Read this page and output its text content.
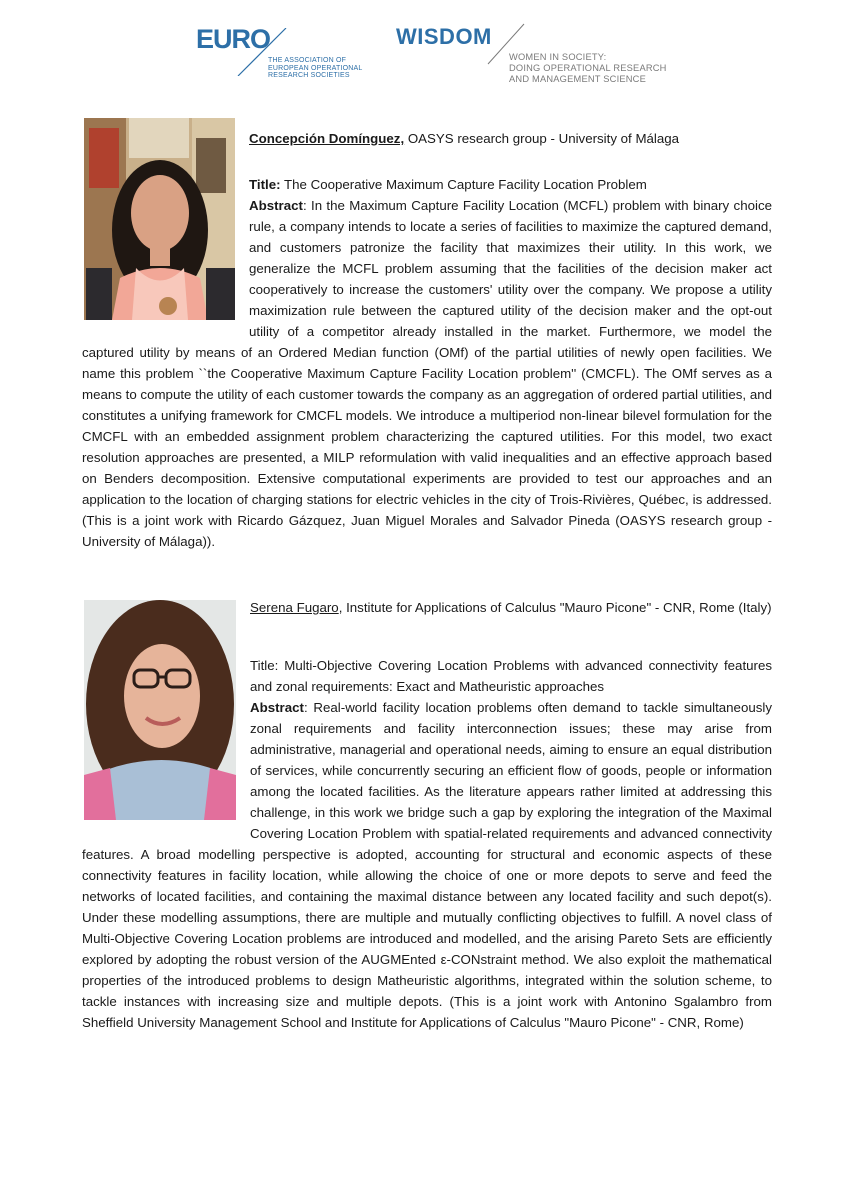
EURO
THE ASSOCIATION OF
EUROPEAN OPERATIONAL
RESEARCH SOCIETIES
WISDOM
WOMEN IN SOCIETY:
DOING OPERATIONAL RESEARCH
AND MANAGEMENT SCIENCE
Concepción Domínguez, OASYS research group - University of Málaga
Title: The Cooperative Maximum Capture Facility Location Problem
Abstract: In the Maximum Capture Facility Location (MCFL) problem with binary choice rule, a company intends to locate a series of facilities to maximize the captured demand, and customers patronize the facility that maximizes their utility. In this work, we generalize the MCFL problem assuming that the facilities of the decision maker act cooperatively to increase the customers' utility over the company. We propose a utility maximization rule between the captured utility of the decision maker and the opt-out utility of a competitor already installed in the market. Furthermore, we model the captured utility by means of an Ordered Median function (OMf) of the partial utilities of newly open facilities. We name this problem ``the Cooperative Maximum Capture Facility Location problem'' (CMCFL). The OMf serves as a means to compute the utility of each customer towards the company as an aggregation of ordered partial utilities, and constitutes a unifying framework for CMCFL models. We introduce a multiperiod non-linear bilevel formulation for the CMCFL with an embedded assignment problem characterizing the captured utilities. For this model, two exact resolution approaches are presented, a MILP reformulation with valid inequalities and an effective approach based on Benders decomposition. Extensive computational experiments are provided to test our approaches and an application to the location of charging stations for electric vehicles in the city of Trois-Rivières, Québec, is addressed. (This is a joint work with Ricardo Gázquez, Juan Miguel Morales and Salvador Pineda (OASYS research group - University of Málaga)).
Serena Fugaro, Institute for Applications of Calculus "Mauro Picone" - CNR, Rome (Italy)
Title: Multi-Objective Covering Location Problems with advanced connectivity features and zonal requirements: Exact and Matheuristic approaches
Abstract: Real-world facility location problems often demand to tackle simultaneously zonal requirements and facility interconnection issues; these may arise from administrative, managerial and operational needs, aiming to ensure an equal distribution of services, while concurrently securing an efficient flow of goods, people or information among the located facilities. As the literature appears rather limited at addressing this challenge, in this work we bridge such a gap by exploring the integration of the Maximal Covering Location Problem with spatial-related requirements and advanced connectivity features. A broad modelling perspective is adopted, accounting for structural and economic aspects of these connectivity features in facility location, while allowing the choice of one or more depots to serve and feed the networks of located facilities, and containing the maximal distance between any located facility and such depot(s). Under these modelling assumptions, there are multiple and mutually conflicting objectives to fulfill. A novel class of Multi-Objective Covering Location problems are introduced and modelled, and the arising Pareto Sets are efficiently explored by adopting the robust version of the AUGMEnted ε-CONstraint method. We also exploit the mathematical properties of the introduced problems to design Matheuristic algorithms, integrated within the solution scheme, to tackle instances with increasing size and multiple depots. (This is a joint work with Antonino Sgalambro from Sheffield University Management School and Institute for Applications of Calculus "Mauro Picone" - CNR, Rome)
